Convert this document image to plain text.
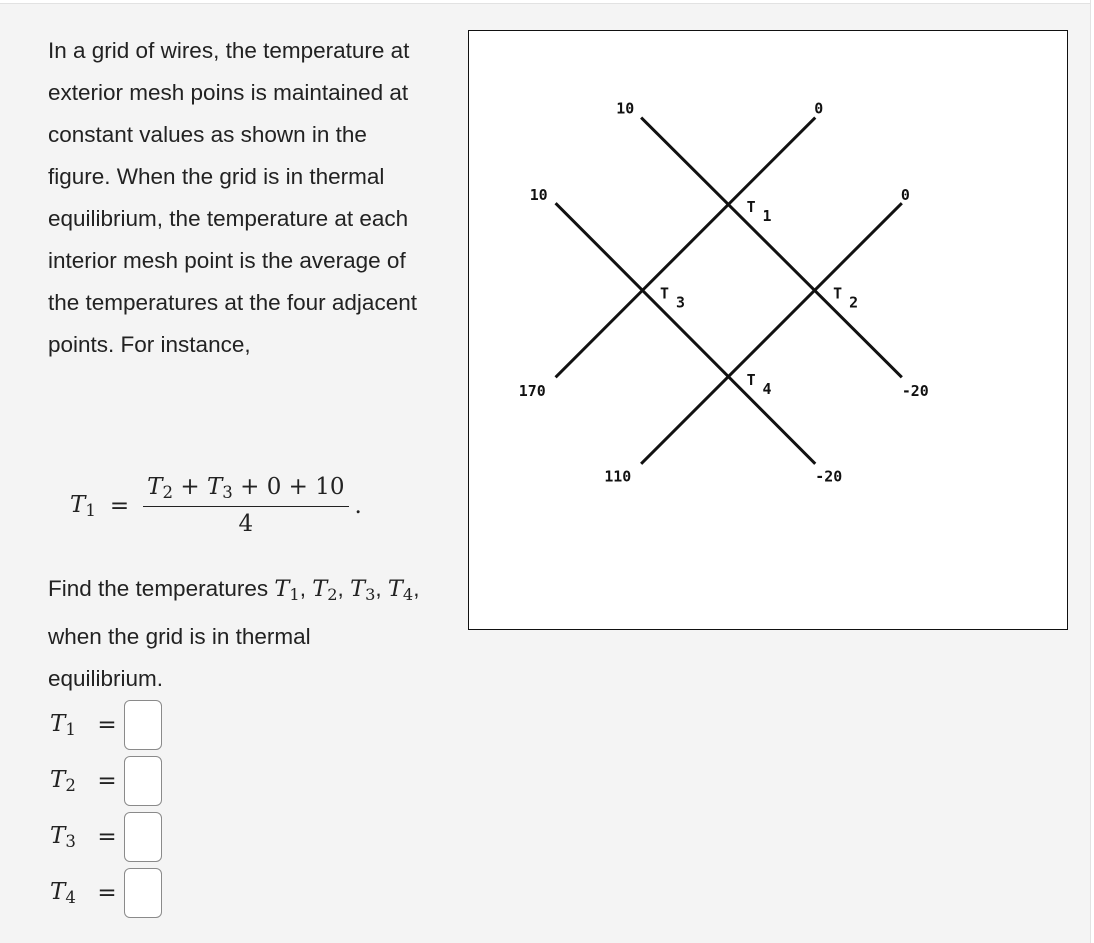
In a grid of wires, the temperature at exterior mesh poins is maintained at constant values as shown in the figure. When the grid is in thermal equilibrium, the temperature at each interior mesh point is the average of the temperatures at the four adjacent points. For instance,
$T_1 = \frac{T_2 + T_3 + 0 + 10}{4}$ .
Find the temperatures $T_1$, $T_2$, $T_3$, $T_4$, when the grid is in thermal equilibrium.
$T_1$ =
$T_2$ =
$T_3$ =
$T_4$ =
10	0
10	0
170	-20
110	-20
T 1
T 2
T 3
T 4
